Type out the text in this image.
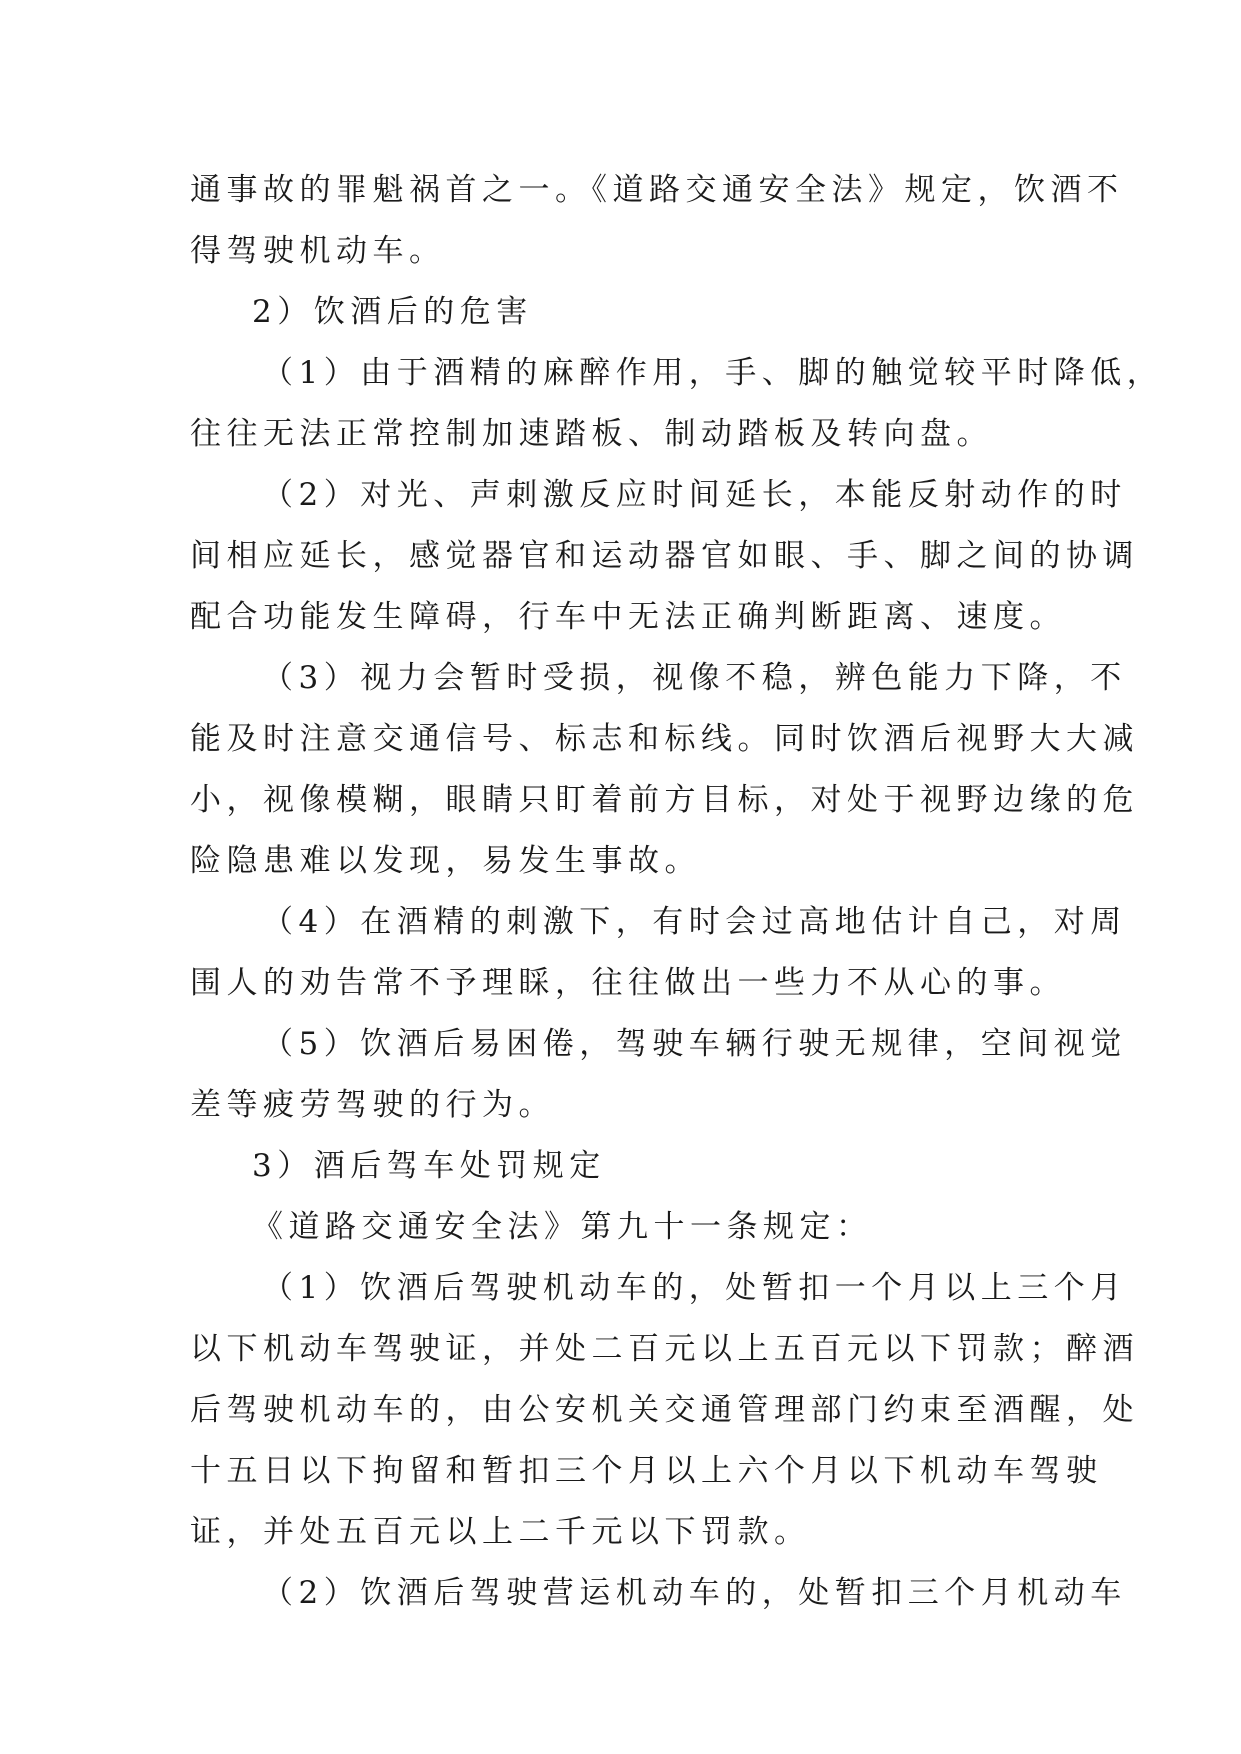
通事故的罪魁祸首之一。《道路交通安全法》规定，饮酒不
得驾驶机动车。
2）饮酒后的危害
（1）由于酒精的麻醉作用，手、脚的触觉较平时降低，
往往无法正常控制加速踏板、制动踏板及转向盘。
（2）对光、声刺激反应时间延长，本能反射动作的时
间相应延长，感觉器官和运动器官如眼、手、脚之间的协调
配合功能发生障碍，行车中无法正确判断距离、速度。
（3）视力会暂时受损，视像不稳，辨色能力下降，不
能及时注意交通信号、标志和标线。同时饮酒后视野大大减
小，视像模糊，眼睛只盯着前方目标，对处于视野边缘的危
险隐患难以发现，易发生事故。
（4）在酒精的刺激下，有时会过高地估计自己，对周
围人的劝告常不予理睬，往往做出一些力不从心的事。
（5）饮酒后易困倦，驾驶车辆行驶无规律，空间视觉
差等疲劳驾驶的行为。
3）酒后驾车处罚规定
《道路交通安全法》第九十一条规定：
（1）饮酒后驾驶机动车的，处暂扣一个月以上三个月
以下机动车驾驶证，并处二百元以上五百元以下罚款；醉酒
后驾驶机动车的，由公安机关交通管理部门约束至酒醒，处
十五日以下拘留和暂扣三个月以上六个月以下机动车驾驶
证，并处五百元以上二千元以下罚款。
（2）饮酒后驾驶营运机动车的，处暂扣三个月机动车
